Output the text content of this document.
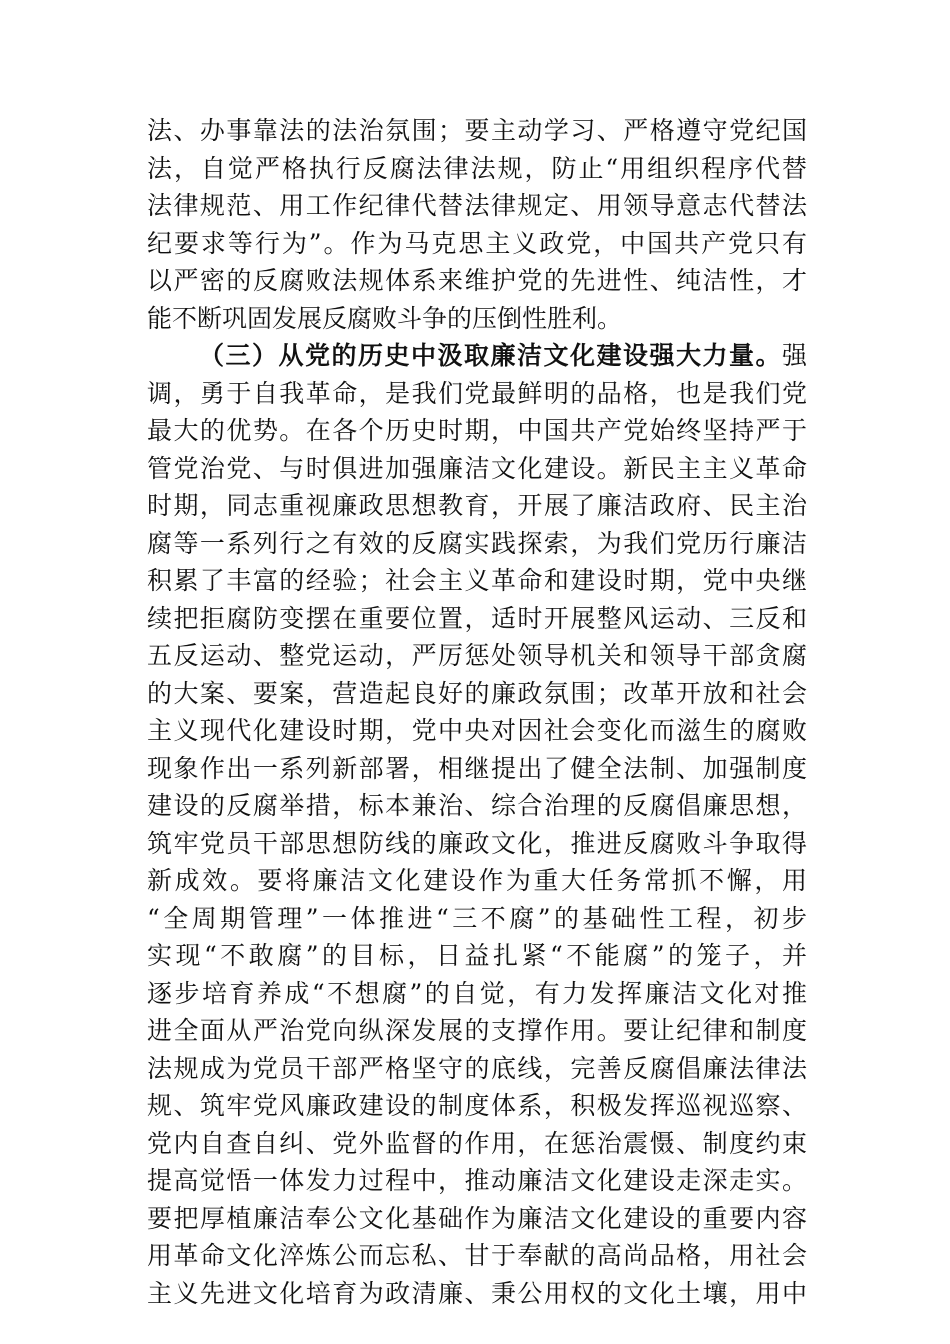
法、办事靠法的法治氛围；要主动学习、严格遵守党纪国
法，自觉严格执行反腐法律法规，防止“用组织程序代替
法律规范、用工作纪律代替法律规定、用领导意志代替法
纪要求等行为”。作为马克思主义政党，中国共产党只有
以严密的反腐败法规体系来维护党的先进性、纯洁性，才
能不断巩固发展反腐败斗争的压倒性胜利。
（三）从党的历史中汲取廉洁文化建设强大力量。强
调，勇于自我革命，是我们党最鲜明的品格，也是我们党
最大的优势。在各个历史时期，中国共产党始终坚持严于
管党治党、与时俱进加强廉洁文化建设。新民主主义革命
时期，同志重视廉政思想教育，开展了廉洁政府、民主治
腐等一系列行之有效的反腐实践探索，为我们党历行廉洁
积累了丰富的经验；社会主义革命和建设时期，党中央继
续把拒腐防变摆在重要位置，适时开展整风运动、三反和
五反运动、整党运动，严厉惩处领导机关和领导干部贪腐
的大案、要案，营造起良好的廉政氛围；改革开放和社会
主义现代化建设时期，党中央对因社会变化而滋生的腐败
现象作出一系列新部署，相继提出了健全法制、加强制度
建设的反腐举措，标本兼治、综合治理的反腐倡廉思想，
筑牢党员干部思想防线的廉政文化，推进反腐败斗争取得
新成效。要将廉洁文化建设作为重大任务常抓不懈，用
“全周期管理”一体推进“三不腐”的基础性工程，初步
实现“不敢腐”的目标，日益扎紧“不能腐”的笼子，并
逐步培育养成“不想腐”的自觉，有力发挥廉洁文化对推
进全面从严治党向纵深发展的支撑作用。要让纪律和制度
法规成为党员干部严格坚守的底线，完善反腐倡廉法律法
规、筑牢党风廉政建设的制度体系，积极发挥巡视巡察、
党内自查自纠、党外监督的作用，在惩治震慑、制度约束
提高觉悟一体发力过程中，推动廉洁文化建设走深走实。
要把厚植廉洁奉公文化基础作为廉洁文化建设的重要内容
用革命文化淬炼公而忘私、甘于奉献的高尚品格，用社会
主义先进文化培育为政清廉、秉公用权的文化土壤，用中
